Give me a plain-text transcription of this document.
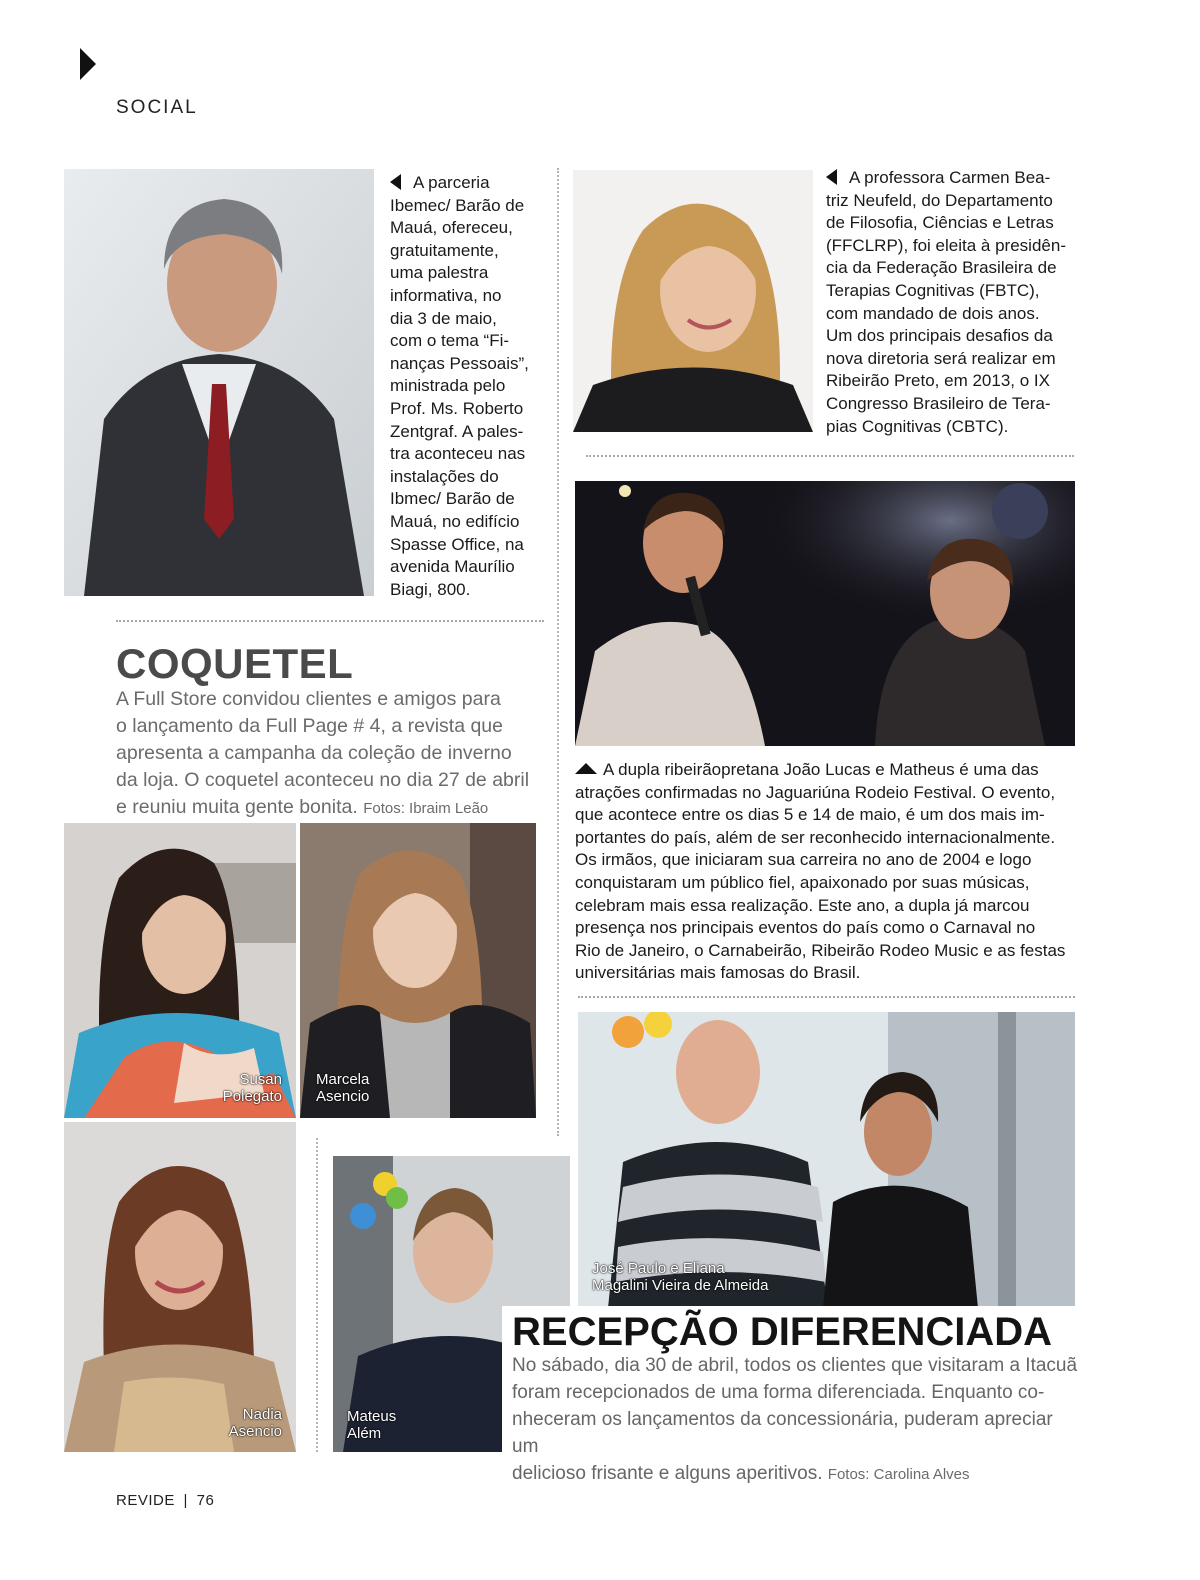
SOCIAL
A parceria
Ibemec/ Barão de
Mauá, ofereceu,
gratuitamente,
uma palestra
informativa, no
dia 3 de maio,
com o tema “Fi-
nanças Pessoais”,
ministrada pelo
Prof. Ms. Roberto
Zentgraf. A pales-
tra aconteceu nas
instalações do
Ibmec/ Barão de
Mauá, no edifício
Spasse Office, na
avenida Maurílio
Biagi, 800.
A professora Carmen Bea-
triz Neufeld, do Departamento
de Filosofia, Ciências e Letras
(FFCLRP), foi eleita à presidên-
cia da Federação Brasileira de
Terapias Cognitivas (FBTC),
com mandado de dois anos.
Um dos principais desafios da
nova diretoria será realizar em
Ribeirão Preto, em 2013, o IX
Congresso Brasileiro de Tera-
pias Cognitivas (CBTC).
A dupla ribeirãopretana João Lucas e Matheus é uma das
atrações confirmadas no Jaguariúna Rodeio Festival. O evento,
que acontece entre os dias 5 e 14 de maio, é um dos mais im-
portantes do país, além de ser reconhecido internacionalmente.
Os irmãos, que iniciaram sua carreira no ano de 2004 e logo
conquistaram um público fiel, apaixonado por suas músicas,
celebram mais essa realização. Este ano, a dupla já marcou
presença nos principais eventos do país como o Carnaval no
Rio de Janeiro, o Carnabeirão, Ribeirão Rodeo Music e as festas
universitárias mais famosas do Brasil.
COQUETEL
A Full Store convidou clientes e amigos para
o lançamento da Full Page # 4, a revista que
apresenta a campanha da coleção de inverno
da loja. O coquetel aconteceu no dia 27 de abril
e reuniu muita gente bonita. Fotos: Ibraim Leão
Susan
Polegato
Marcela
Asencio
Nadia
Asencio
Mateus
Além
José Paulo e Eliana
Magalini Vieira de Almeida
RECEPÇÃO DIFERENCIADA
No sábado, dia 30 de abril, todos os clientes que visitaram a Itacuã
foram recepcionados de uma forma diferenciada. Enquanto co-
nheceram os lançamentos da concessionária, puderam apreciar um
delicioso frisante e alguns aperitivos. Fotos: Carolina Alves
REVIDE | 76
